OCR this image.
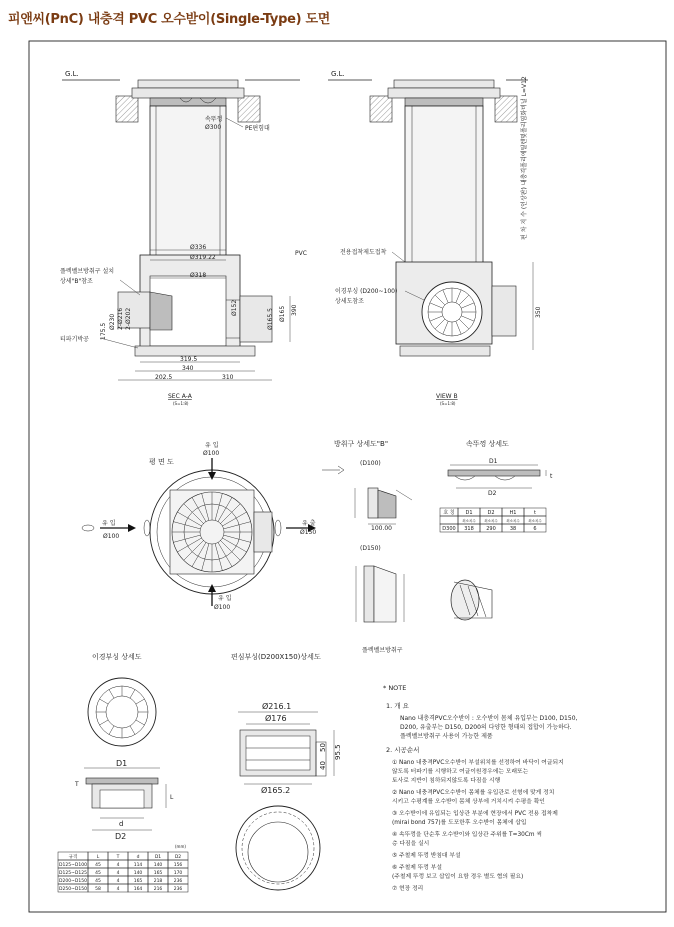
피앤씨(PnC) 내충격 PVC 오수받이(Single-Type) 도면
G.L.
속뚜껑
Ø300	PE편힘대
Ø336
Ø319.22
Ø318
플렉벨브방취구 설치
상세"B"참조
티파기박공
Ø230 2-Ø216 2-Ø202
175.5
Ø152
Ø165.5 Ø165 390
319.5
340
202.5	310
SEC A-A
(S=1:8)
G.L.
PVC	전용접착제도접착
이경부싱 (D200~100)
상세도참조
편 차 지 수 (인상판) 내충격폴리에틸렌및폴리염화비닐 L=V12
350
VIEW B
(S=1:8)
평 면 도
유 입
Ø100
유 입
Ø100
유 출
Ø150
유 입
Ø100
방취구 상세도"B"
(D100)
100.00
(D150)
플렉벨브방취구
속뚜껑 상세도
D1
D2
t
호 칭 D1	D2	H1	t
최소치수 최소치수 최소치수 최소치수
D300 318 290	38	6
이경부싱 상세도
D1
d
D2
L
T
(mm)
규격	L	T	d	D1	D2
D125~D100 45	4	114	140	156
D125~D125 45	4	140	165	170
D200~D150 45	4	165	218	236
D250~D150 58	4	164	216	236
편심부싱(D200X150)상세도
Ø216.1
Ø176
50
40
95.5
Ø165.2
* NOTE
1. 개 요
Nano 내충격PVC오수받이 : 오수받이 몸체 유입부는 D100, D150,
D200, 유출부는 D150, D200의 다양한 형태의 접합이 가능하다.
플렉벨브방취구 사용이 가능한 제품
2. 시공순서
① Nano 내충격PVC오수받이 부설위치를 선정하여 바닥이 여글되지
않도록 터파기를 시행하고 여글이원경우에는 모래또는
토사로 지반이 침하되지않도록 다짐을 시행
② Nano 내충격PVC오수받이 몸체를 유입관로 선형에 맞게 정치
시키고 수평계를 오수받이 몸체 상부에 거치시켜 수평을 확인
③ 오수받이에 유입되는 입상관 부분에 현장에서 PVC 전용 접착제
(mirai bond 757)를 도포한후 오수받이 몸체에 삽입
④ 속뚜껑을 단순후 오수받이와 입상관 주위를 T=30Cm 씩
층 다짐을 실시
⑤ 주철제 뚜껑 받침대 부설
⑥ 주철제 뚜껑 부설
(주철제 뚜껑 보고 삽입이 요함 경우 별도 협의 필요)
⑦ 현장 정리
